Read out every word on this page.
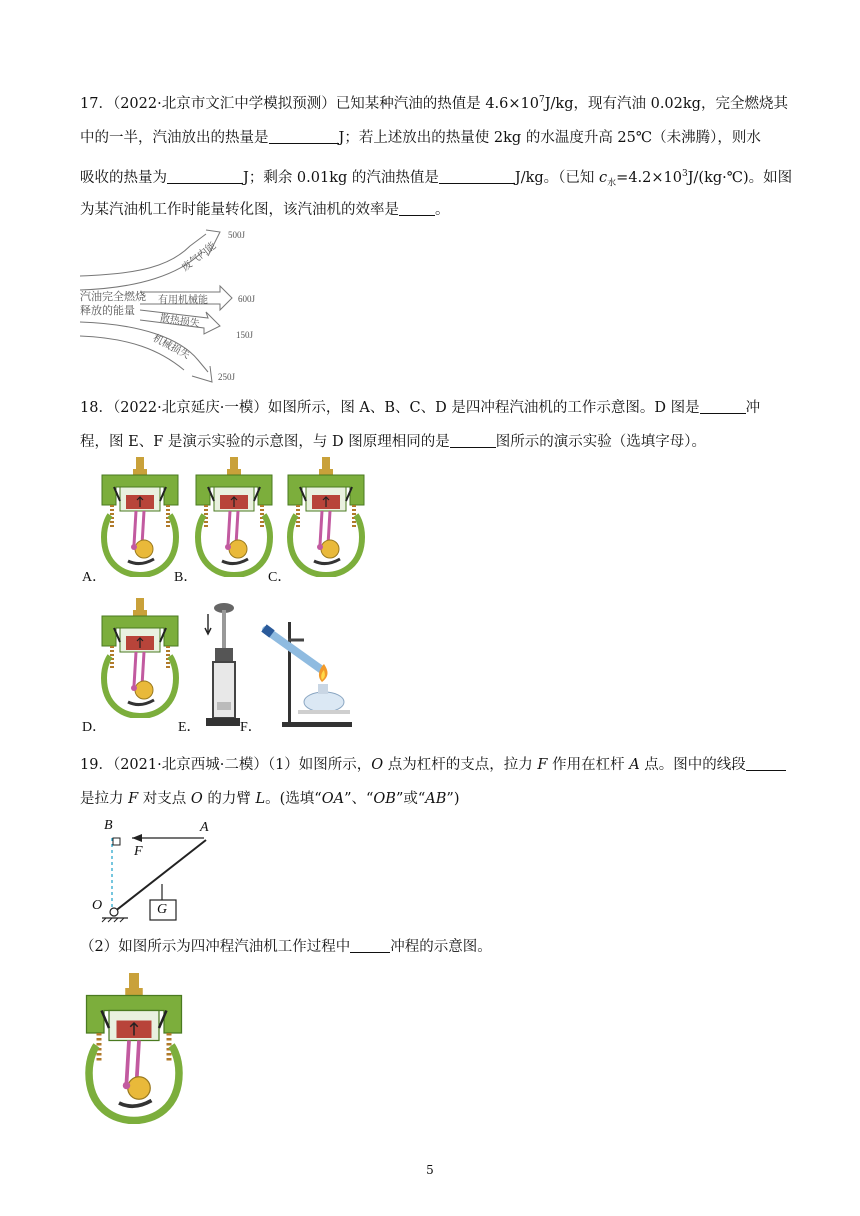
17．（2022·北京市文汇中学模拟预测）已知某种汽油的热值是 $4.6\times 10^7J/kg$，现有汽油 0.02kg，完全燃烧其
中的一半，汽油放出的热量是	J；若上述放出的热量使 2kg 的水温度升高 25℃（未沸腾），则水
吸收的热量为	J；剩余 0.01kg 的汽油热值是	J/kg。（已知 $c_水=4.2\times 10^3J/(kg\cdot℃)$。如图
为某汽油机工作时能量转化图，该汽油机的效率是 。
汽油完全燃烧
释放的能量
废气内能
500J
有用机械能	600J
散热损失
150J
机械损失
250J
18．（2022·北京延庆·一模）如图所示，图 A、B、C、D 是四冲程汽油机的工作示意图。D 图是	冲
程，图 E、F 是演示实验的示意图，与 D 图原理相同的是	图所示的演示实验（选填字母）。
A．	B．	C．
E．
D．	F．
19．（2021·北京西城·二模）（1）如图所示，O 点为杠杆的支点，拉力 F 作用在杠杆 A 点。图中的线段
是拉力 F 对支点 O 的力臂 L。(选填“OA”、“OB”或“AB”)
B	A
F
O	G
（2）如图所示为四冲程汽油机工作过程中	冲程的示意图。
5
